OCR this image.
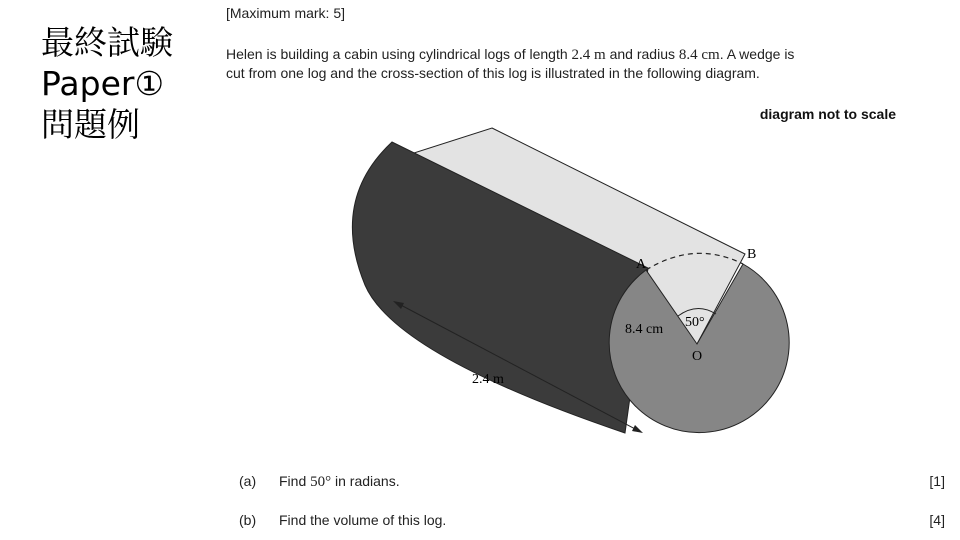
最終試験
Paper①
問題例
[Maximum mark: 5]
Helen is building a cabin using cylindrical logs of length 2.4 m and radius 8.4 cm. A wedge is
cut from one log and the cross-section of this log is illustrated in the following diagram.
diagram not to scale
A
B
O
8.4 cm 50°
2.4 m
(a)	Find 50° in radians.	[1]
(b)	Find the volume of this log.	[4]
